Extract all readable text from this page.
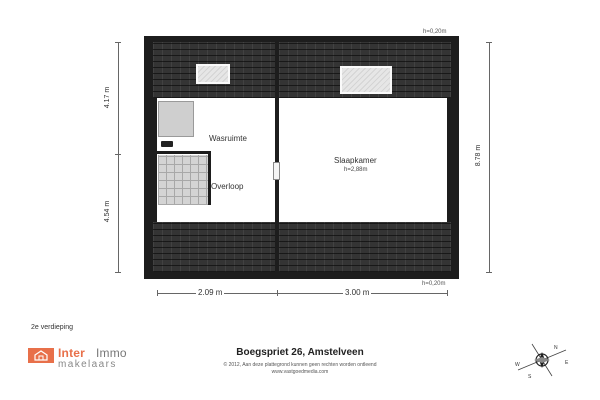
Wasruimte
Overloop
Slaapkamer
h=2,88m
h=0,20m
h=0,20m
4.17 m
4.54 m
8.78 m
2.09 m	3.00 m
2e verdieping
Inter Immo
makelaars
Boegspriet 26, Amstelveen
© 2012, Aan deze plattegrond kunnen geen rechten worden ontleend
www.vastgoedmedia.com
N
E
S
W
